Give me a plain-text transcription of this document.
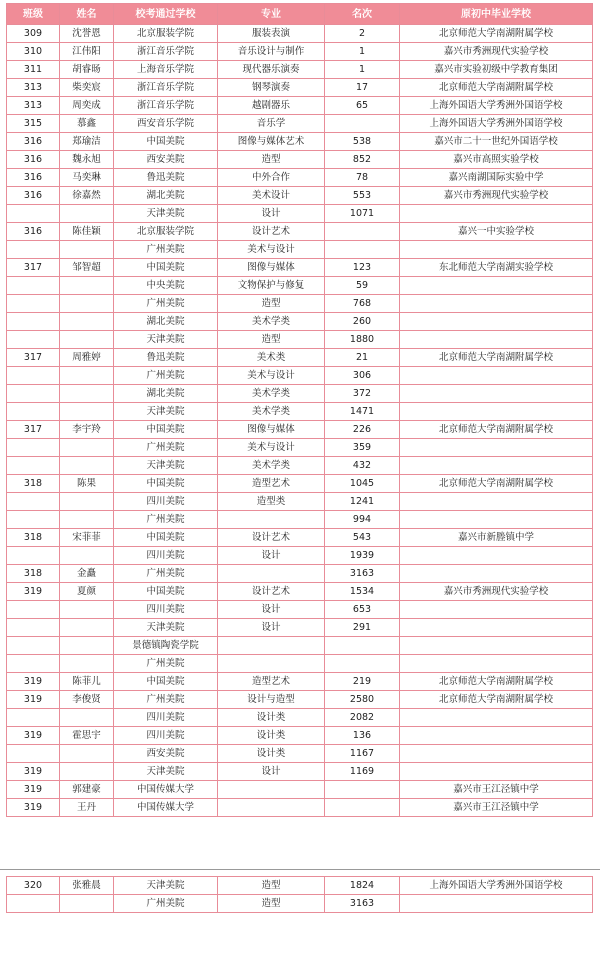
班级	姓名	校考通过学校	专业	名次	原初中毕业学校
309	沈誉恩	北京服装学院	服装表演	2	北京师范大学南湖附属学校
310	江伟阳	浙江音乐学院	音乐设计与制作	1	嘉兴市秀洲现代实验学校
311	胡睿旸	上海音乐学院	现代器乐演奏	1	嘉兴市实验初级中学教育集团
313	柴奕宸	浙江音乐学院	钢琴演奏	17	北京师范大学南湖附属学校
313	周奕成	浙江音乐学院	越剧器乐	65	上海外国语大学秀洲外国语学校
315	慕鑫	西安音乐学院	音乐学		上海外国语大学秀洲外国语学校
316	郑瑜洁	中国美院	图像与媒体艺术	538	嘉兴市二十一世纪外国语学校
316	魏永旭	西安美院	造型	852	嘉兴市高照实验学校
316	马奕琳	鲁迅美院	中外合作	78	嘉兴南湖国际实验中学
316	徐嘉然	湖北美院	美术设计	553	嘉兴市秀洲现代实验学校
		天津美院	设计	1071	
316	陈佳颖	北京服装学院	设计艺术		嘉兴一中实验学校
		广州美院	美术与设计		
317	邹智超	中国美院	图像与媒体	123	东北师范大学南湖实验学校
		中央美院	文物保护与修复	59	
		广州美院	造型	768	
		湖北美院	美术学类	260	
		天津美院	造型	1880	
317	周雅婷	鲁迅美院	美术类	21	北京师范大学南湖附属学校
		广州美院	美术与设计	306	
		湖北美院	美术学类	372	
		天津美院	美术学类	1471	
317	李宇羚	中国美院	图像与媒体	226	北京师范大学南湖附属学校
		广州美院	美术与设计	359	
		天津美院	美术学类	432	
318	陈果	中国美院	造型艺术	1045	北京师范大学南湖附属学校
		四川美院	造型类	1241	
		广州美院		994	
318	宋菲菲	中国美院	设计艺术	543	嘉兴市新塍镇中学
		四川美院	设计	1939	
318	金矗	广州美院		3163	
319	夏颜	中国美院	设计艺术	1534	嘉兴市秀洲现代实验学校
		四川美院	设计	653	
		天津美院	设计	291	
		景德镇陶瓷学院			
		广州美院			
319	陈菲儿	中国美院	造型艺术	219	北京师范大学南湖附属学校
319	李俊贤	广州美院	设计与造型	2580	北京师范大学南湖附属学校
		四川美院	设计类	2082	
319	霍思宇	四川美院	设计类	136	
		西安美院	设计类	1167	
319		天津美院	设计	1169	
319	郭建豪	中国传媒大学			嘉兴市王江泾镇中学
319	王丹	中国传媒大学			嘉兴市王江泾镇中学
320	张雅晨	天津美院	造型	1824	上海外国语大学秀洲外国语学校
		广州美院	造型	3163	
